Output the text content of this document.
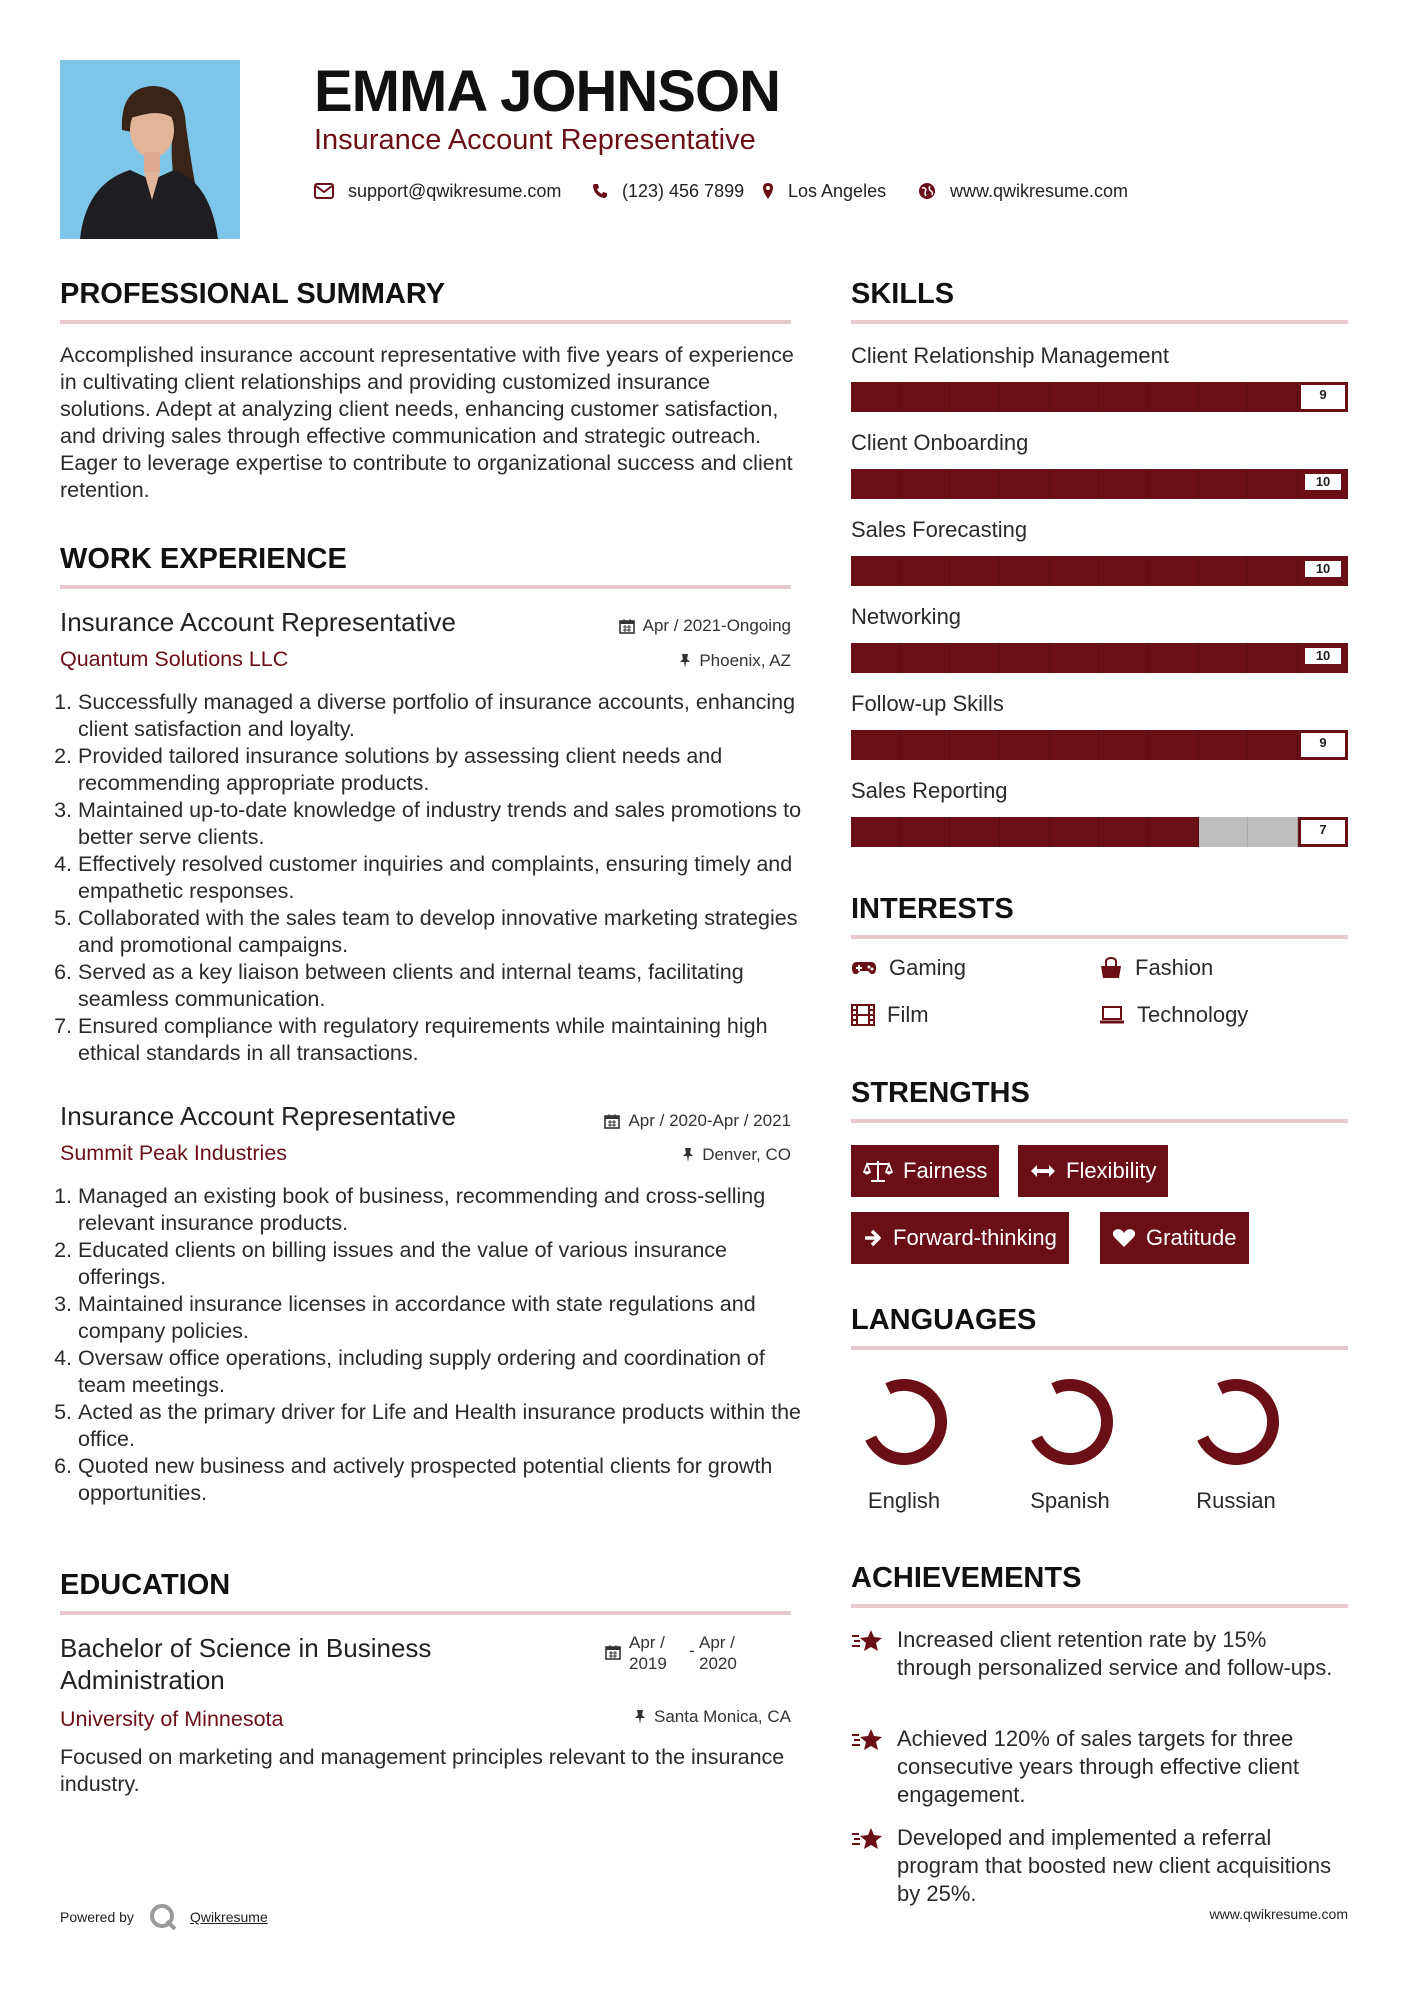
EMMA JOHNSON
Insurance Account Representative
support@qwikresume.com	(123) 456 7899 Los Angeles	www.qwikresume.com
PROFESSIONAL SUMMARY
Accomplished insurance account representative with five years of experience in cultivating client relationships and providing customized insurance solutions. Adept at analyzing client needs, enhancing customer satisfaction, and driving sales through effective communication and strategic outreach. Eager to leverage expertise to contribute to organizational success and client retention.
WORK EXPERIENCE
Insurance Account Representative	Apr / 2021-Ongoing
Quantum Solutions LLC	Phoenix, AZ
1. Successfully managed a diverse portfolio of insurance accounts, enhancing client satisfaction and loyalty.
2. Provided tailored insurance solutions by assessing client needs and recommending appropriate products.
3. Maintained up-to-date knowledge of industry trends and sales promotions to better serve clients.
4. Effectively resolved customer inquiries and complaints, ensuring timely and empathetic responses.
5. Collaborated with the sales team to develop innovative marketing strategies and promotional campaigns.
6. Served as a key liaison between clients and internal teams, facilitating seamless communication.
7. Ensured compliance with regulatory requirements while maintaining high ethical standards in all transactions.
Insurance Account Representative	Apr / 2020-Apr / 2021
Summit Peak Industries	Denver, CO
1. Managed an existing book of business, recommending and cross-selling relevant insurance products.
2. Educated clients on billing issues and the value of various insurance offerings.
3. Maintained insurance licenses in accordance with state regulations and company policies.
4. Oversaw office operations, including supply ordering and coordination of team meetings.
5. Acted as the primary driver for Life and Health insurance products within the office.
6. Quoted new business and actively prospected potential clients for growth opportunities.
EDUCATION
Bachelor of Science in Business Administration
Apr / 2019
- Apr / 2020
University of Minnesota	Santa Monica, CA
Focused on marketing and management principles relevant to the insurance industry.
SKILLS
Client Relationship Management
9
Client Onboarding
10
Sales Forecasting
10
Networking
10
Follow-up Skills
9
Sales Reporting
7
INTERESTS
Gaming	Fashion
Film	Technology
STRENGTHS
Fairness	Flexibility
Forward-thinking	Gratitude
LANGUAGES
English	Spanish	Russian
ACHIEVEMENTS
Increased client retention rate by 15% through personalized service and follow-ups.
Achieved 120% of sales targets for three consecutive years through effective client engagement.
Developed and implemented a referral program that boosted new client acquisitions by 25%.
Powered by	Qwikresume	www.qwikresume.com
